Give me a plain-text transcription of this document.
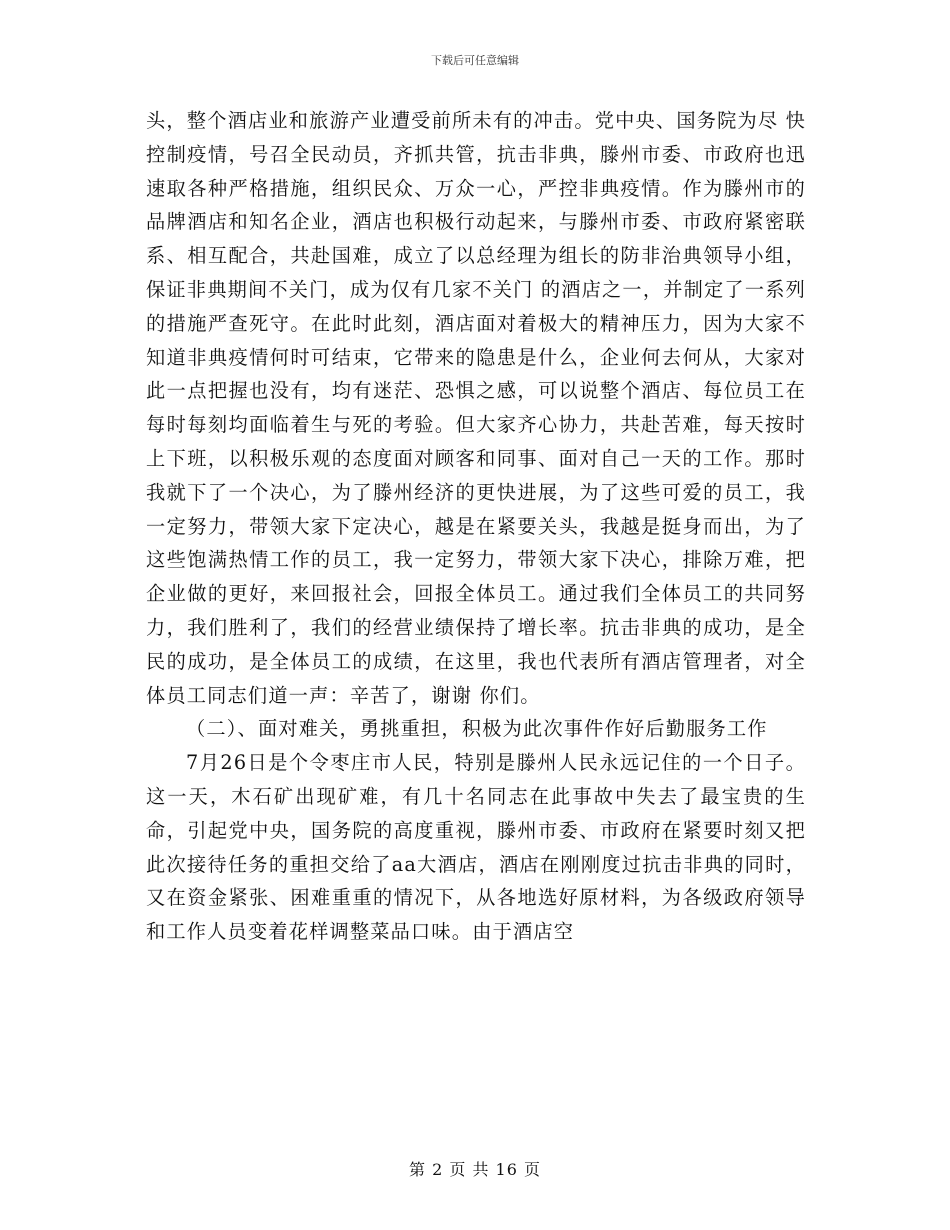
下载后可任意编辑

头，整个酒店业和旅游产业遭受前所未有的冲击。党中央、国务院为尽 快控制疫情，号召全民动员，齐抓共管，抗击非典，滕州市委、市政府也迅速取各种严格措施，组织民众、万众一心，严控非典疫情。作为滕州市的品牌酒店和知名企业，酒店也积极行动起来，与滕州市委、市政府紧密联系、相互配合，共赴国难，成立了以总经理为组长的防非治典领导小组，保证非典期间不关门，成为仅有几家不关门 的酒店之一，并制定了一系列的措施严查死守。在此时此刻，酒店面对着极大的精神压力，因为大家不知道非典疫情何时可结束，它带来的隐患是什么，企业何去何从，大家对此一点把握也没有，均有迷茫、恐惧之感，可以说整个酒店、每位员工在每时每刻均面临着生与死的考验。但大家齐心协力，共赴苦难，每天按时上下班，以积极乐观的态度面对顾客和同事、面对自己一天的工作。那时我就下了一个决心，为了滕州经济的更快进展，为了这些可爱的员工，我一定努力，带领大家下定决心，越是在紧要关头，我越是挺身而出，为了这些饱满热情工作的员工，我一定努力，带领大家下决心，排除万难，把企业做的更好，来回报社会，回报全体员工。通过我们全体员工的共同努力，我们胜利了，我们的经营业绩保持了增长率。抗击非典的成功，是全民的成功，是全体员工的成绩，在这里，我也代表所有酒店管理者，对全体员工同志们道一声：辛苦了，谢谢 你们。

（二）、面对难关，勇挑重担，积极为此次事件作好后勤服务工作

7月26日是个令枣庄市人民，特别是滕州人民永远记住的一个日子。这一天，木石矿出现矿难，有几十名同志在此事故中失去了最宝贵的生命，引起党中央，国务院的高度重视，滕州市委、市政府在紧要时刻又把此次接待任务的重担交给了aa大酒店，酒店在刚刚度过抗击非典的同时，又在资金紧张、困难重重的情况下，从各地选好原材料，为各级政府领导和工作人员变着花样调整菜品口味。由于酒店空

第 2 页 共 16 页
